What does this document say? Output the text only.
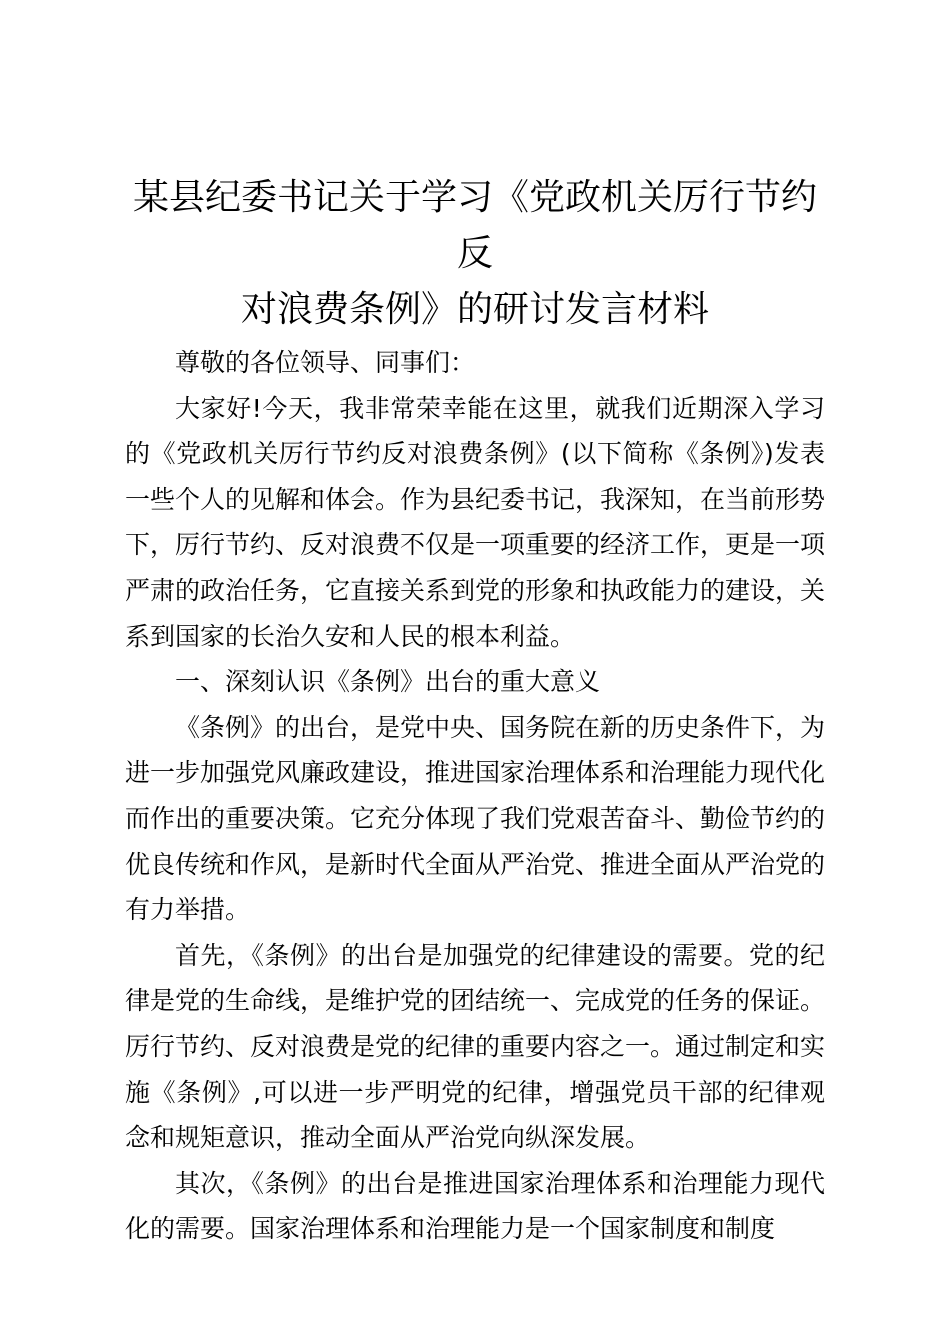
某县纪委书记关于学习《党政机关厉行节约反
对浪费条例》的研讨发言材料

尊敬的各位领导、同事们：

大家好!今天，我非常荣幸能在这里，就我们近期深入学习的《党政机关厉行节约反对浪费条例》(以下简称《条例》)发表一些个人的见解和体会。作为县纪委书记，我深知，在当前形势下，厉行节约、反对浪费不仅是一项重要的经济工作，更是一项严肃的政治任务，它直接关系到党的形象和执政能力的建设，关系到国家的长治久安和人民的根本利益。

一、深刻认识《条例》出台的重大意义

《条例》的出台，是党中央、国务院在新的历史条件下，为进一步加强党风廉政建设，推进国家治理体系和治理能力现代化而作出的重要决策。它充分体现了我们党艰苦奋斗、勤俭节约的优良传统和作风，是新时代全面从严治党、推进全面从严治党的有力举措。

首先，《条例》的出台是加强党的纪律建设的需要。党的纪律是党的生命线，是维护党的团结统一、完成党的任务的保证。厉行节约、反对浪费是党的纪律的重要内容之一。通过制定和实施《条例》,可以进一步严明党的纪律，增强党员干部的纪律观念和规矩意识，推动全面从严治党向纵深发展。

其次，《条例》的出台是推进国家治理体系和治理能力现代化的需要。国家治理体系和治理能力是一个国家制度和制度
